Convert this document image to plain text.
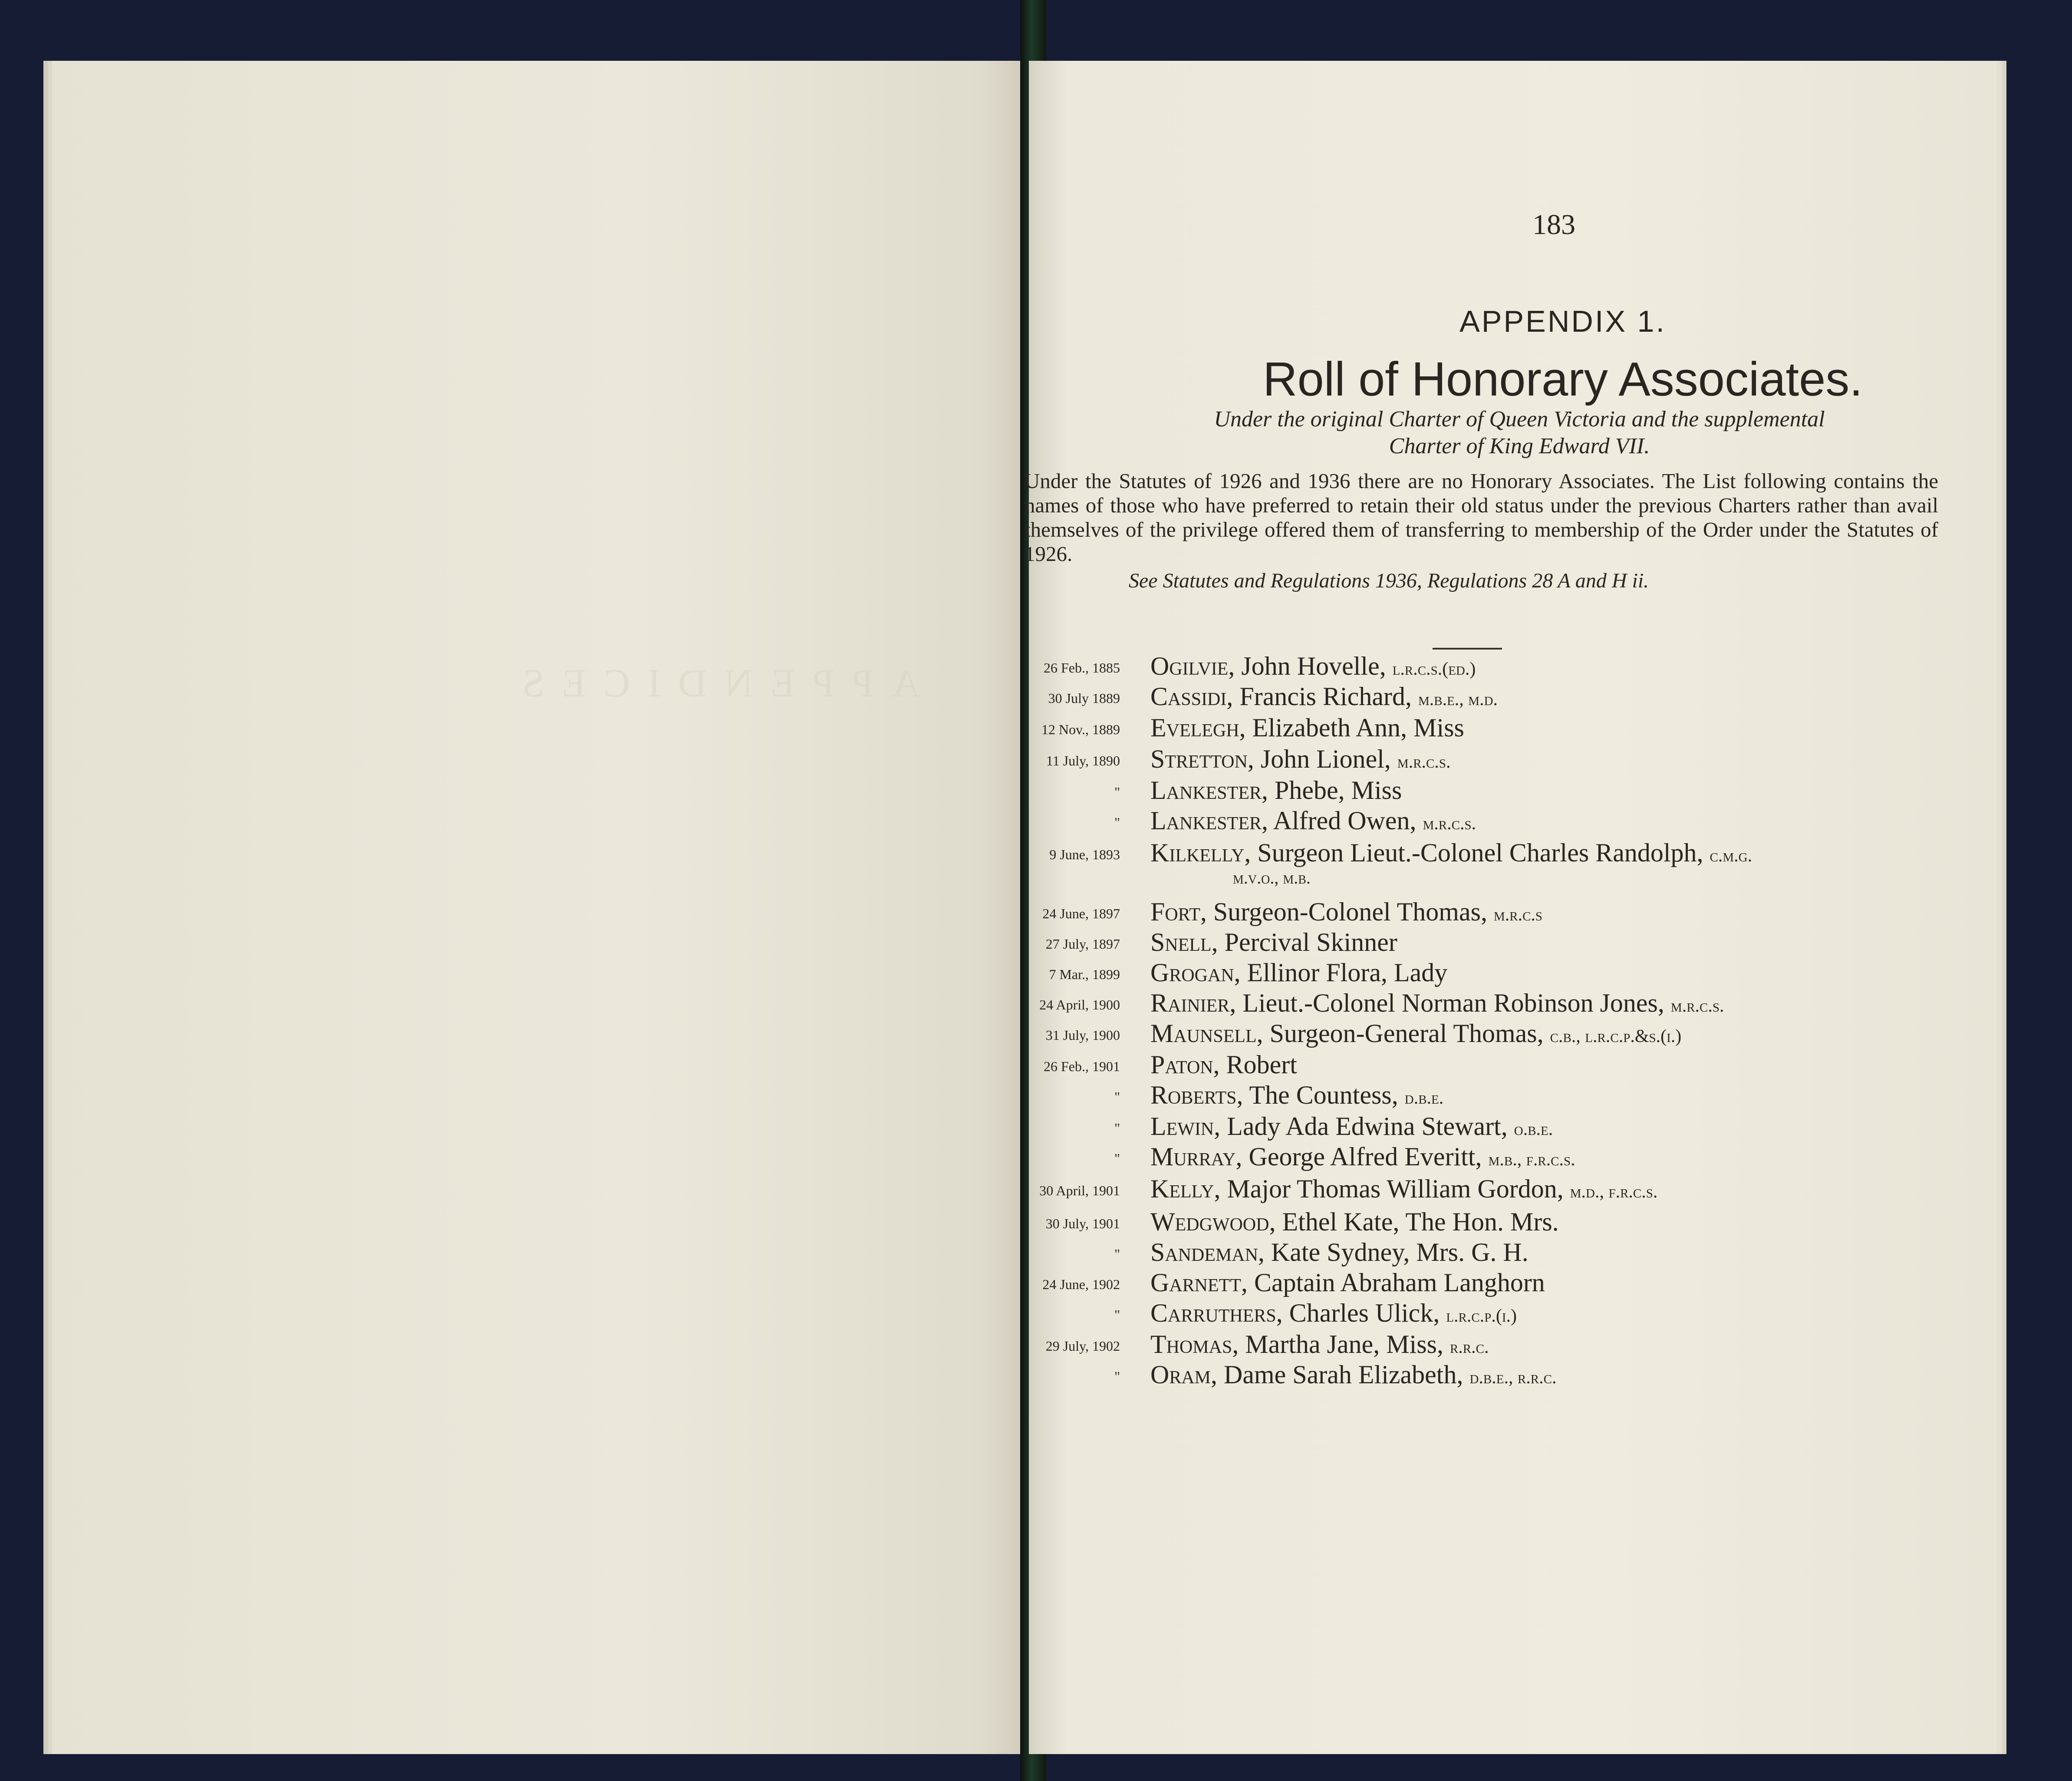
APPENDICES
183
APPENDIX 1.
Roll of Honorary Associates.
Under the original Charter of Queen Victoria and the supplemental
Charter of King Edward VII.
Under the Statutes of 1926 and 1936 there are no Honorary Associates. The List following contains the names of those who have preferred to retain their old status under the previous Charters rather than avail themselves of the privilege offered them of transferring to membership of the Order under the Statutes of 1926.
See Statutes and Regulations 1936, Regulations 28 A and H ii.
26 Feb., 1885 Ogilvie, John Hovelle, l.r.c.s.(ed.)
30 July 1889 Cassidi, Francis Richard, m.b.e., m.d.
12 Nov., 1889 Evelegh, Elizabeth Ann, Miss
11 July, 1890 Stretton, John Lionel, m.r.c.s.
" Lankester, Phebe, Miss
" Lankester, Alfred Owen, m.r.c.s.
9 June, 1893 Kilkelly, Surgeon Lieut.-Colonel Charles Randolph, c.m.g.
24 June, 1897 Fort, Surgeon-Colonel Thomas, m.r.c.s
27 July, 1897 Snell, Percival Skinner
7 Mar., 1899 Grogan, Ellinor Flora, Lady
24 April, 1900 Rainier, Lieut.-Colonel Norman Robinson Jones, m.r.c.s.
31 July, 1900 Maunsell, Surgeon-General Thomas, c.b., l.r.c.p.&s.(i.)
26 Feb., 1901 Paton, Robert
" Roberts, The Countess, d.b.e.
" Lewin, Lady Ada Edwina Stewart, o.b.e.
" Murray, George Alfred Everitt, m.b., f.r.c.s.
30 April, 1901 Kelly, Major Thomas William Gordon, m.d., f.r.c.s.
30 July, 1901 Wedgwood, Ethel Kate, The Hon. Mrs.
" Sandeman, Kate Sydney, Mrs. G. H.
24 June, 1902 Garnett, Captain Abraham Langhorn
" Carruthers, Charles Ulick, l.r.c.p.(i.)
29 July, 1902 Thomas, Martha Jane, Miss, r.r.c.
" Oram, Dame Sarah Elizabeth, d.b.e., r.r.c.
m.v.o., m.b.
